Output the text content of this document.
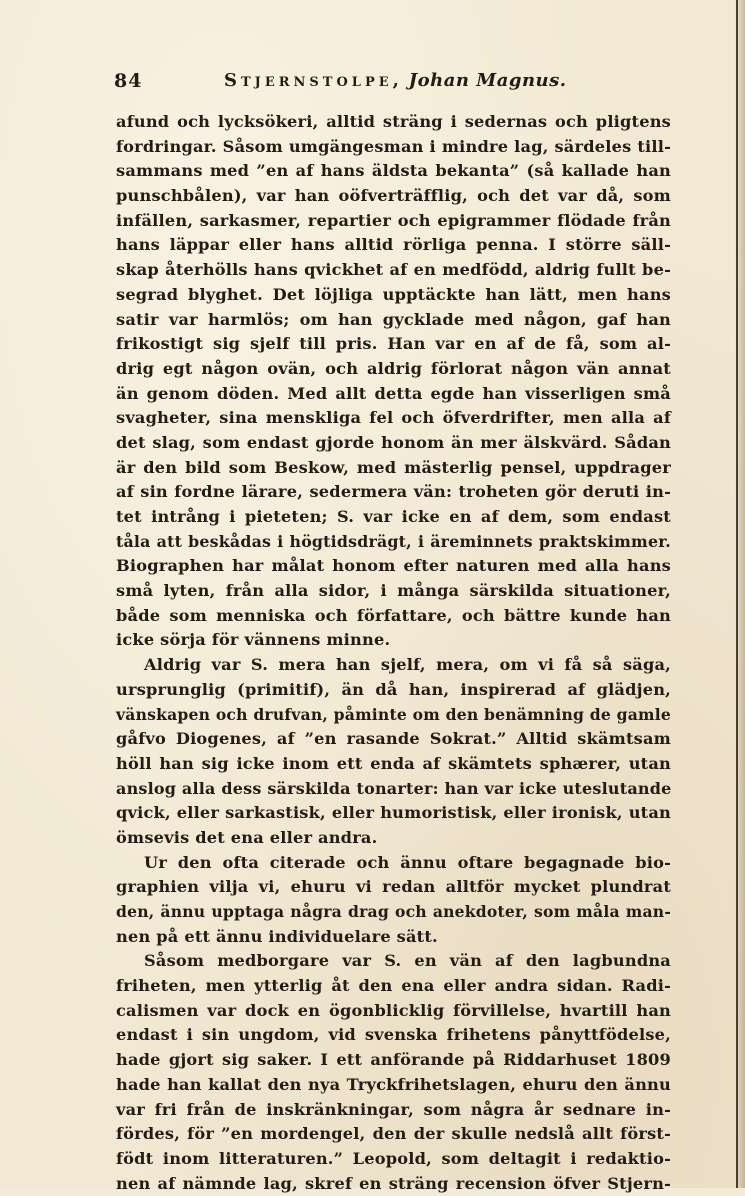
84	Stjernstolpe, Johan Magnus.
afund och lycksökeri, alltid sträng i sedernas och pligtens
fordringar. Såsom umgängesman i mindre lag, särdeles till-
sammans med ”en af hans äldsta bekanta” (så kallade han
punschbålen), var han oöfverträfflig, och det var då, som
infällen, sarkasmer, repartier och epigrammer flödade från
hans läppar eller hans alltid rörliga penna. I större säll-
skap återhölls hans qvickhet af en medfödd, aldrig fullt be-
segrad blyghet. Det löjliga upptäckte han lätt, men hans
satir var harmlös; om han gycklade med någon, gaf han
frikostigt sig sjelf till pris. Han var en af de få, som al-
drig egt någon ovän, och aldrig förlorat någon vän annat
än genom döden. Med allt detta egde han visserligen små
svagheter, sina menskliga fel och öfverdrifter, men alla af
det slag, som endast gjorde honom än mer älskvärd. Sådan
är den bild som Beskow, med mästerlig pensel, uppdrager
af sin fordne lärare, sedermera vän: troheten gör deruti in-
tet intrång i pieteten; S. var icke en af dem, som endast
tåla att beskådas i högtidsdrägt, i äreminnets praktskimmer.
Biographen har målat honom efter naturen med alla hans
små lyten, från alla sidor, i många särskilda situationer,
både som menniska och författare, och bättre kunde han
icke sörja för vännens minne.
Aldrig var S. mera han sjelf, mera, om vi få så säga,
ursprunglig (primitif), än då han, inspirerad af glädjen,
vänskapen och drufvan, påminte om den benämning de gamle
gåfvo Diogenes, af ”en rasande Sokrat.” Alltid skämtsam
höll han sig icke inom ett enda af skämtets sphærer, utan
anslog alla dess särskilda tonarter: han var icke uteslutande
qvick, eller sarkastisk, eller humoristisk, eller ironisk, utan
ömsevis det ena eller andra.
Ur den ofta citerade och ännu oftare begagnade bio-
graphien vilja vi, ehuru vi redan alltför mycket plundrat
den, ännu upptaga några drag och anekdoter, som måla man-
nen på ett ännu individuelare sätt.
Såsom medborgare var S. en vän af den lagbundna
friheten, men ytterlig åt den ena eller andra sidan. Radi-
calismen var dock en ögonblicklig förvillelse, hvartill han
endast i sin ungdom, vid svenska frihetens pånyttfödelse,
hade gjort sig saker. I ett anförande på Riddarhuset 1809
hade han kallat den nya Tryckfrihetslagen, ehuru den ännu
var fri från de inskränkningar, som några år sednare in-
fördes, för ”en mordengel, den der skulle nedslå allt först-
födt inom litteraturen.” Leopold, som deltagit i redaktio-
nen af nämnde lag, skref en sträng recension öfver Stjern-
